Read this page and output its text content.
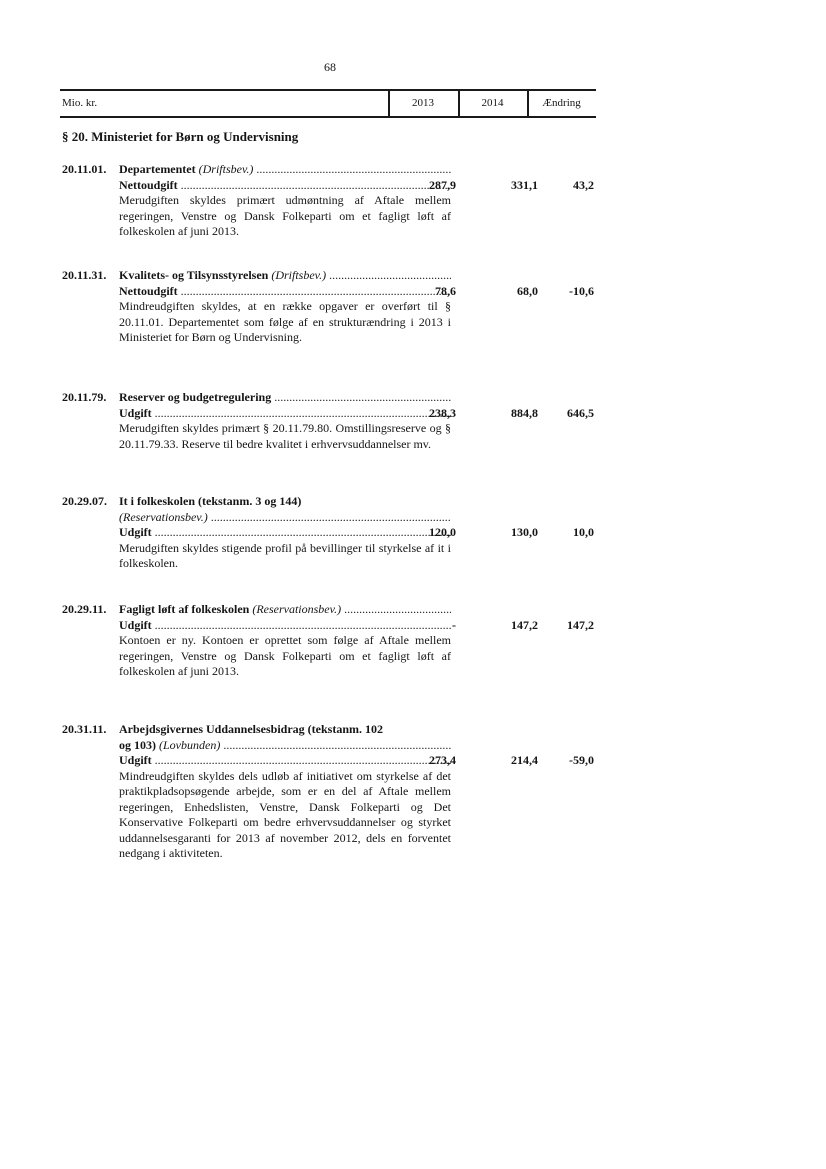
68
Mio. kr.	2013	2014	Ændring
§ 20. Ministeriet for Børn og Undervisning
20.11.01.	Departementet (Driftsbev.) .....
Nettoudgift .....
Merudgiften skyldes primært udmøntning af Aftale mellem regeringen, Venstre og Dansk Folkeparti om et fagligt løft af folkeskolen af juni 2013.
287,9	331,1	43,2
20.11.31.	Kvalitets- og Tilsynsstyrelsen (Driftsbev.) .....
Nettoudgift .....
Mindreudgiften skyldes, at en række opgaver er overført til § 20.11.01. Departementet som følge af en strukturændring i 2013 i Ministeriet for Børn og Undervisning.
78,6	68,0	-10,6
20.11.79.	Reserver og budgetregulering .....
Udgift .....
Merudgiften skyldes primært § 20.11.79.80. Omstillingsreserve og § 20.11.79.33. Reserve til bedre kvalitet i erhvervsuddannelser mv.
238,3	884,8	646,5
20.29.07.	It i folkeskolen (tekstanm. 3 og 144)
(Reservationsbev.) .....
Udgift .....
Merudgiften skyldes stigende profil på bevillinger til styrkelse af it i folkeskolen.
120,0	130,0	10,0
20.29.11.	Fagligt løft af folkeskolen (Reservationsbev.) .....
Udgift .....
Kontoen er ny. Kontoen er oprettet som følge af Aftale mellem regeringen, Venstre og Dansk Folkeparti om et fagligt løft af folkeskolen af juni 2013.
-	147,2	147,2
20.31.11.	Arbejdsgivernes Uddannelsesbidrag (tekstanm. 102
og 103) (Lovbunden) .....
Udgift .....
Mindreudgiften skyldes dels udløb af initiativet om styrkelse af det praktikpladsopsøgende arbejde, som er en del af Aftale mellem regeringen, Enhedslisten, Venstre, Dansk Folkeparti og Det Konservative Folkeparti om bedre erhvervsuddannelser og styrket uddannelsesgaranti for 2013 af november 2012, dels en forventet nedgang i aktiviteten.
273,4	214,4	-59,0
